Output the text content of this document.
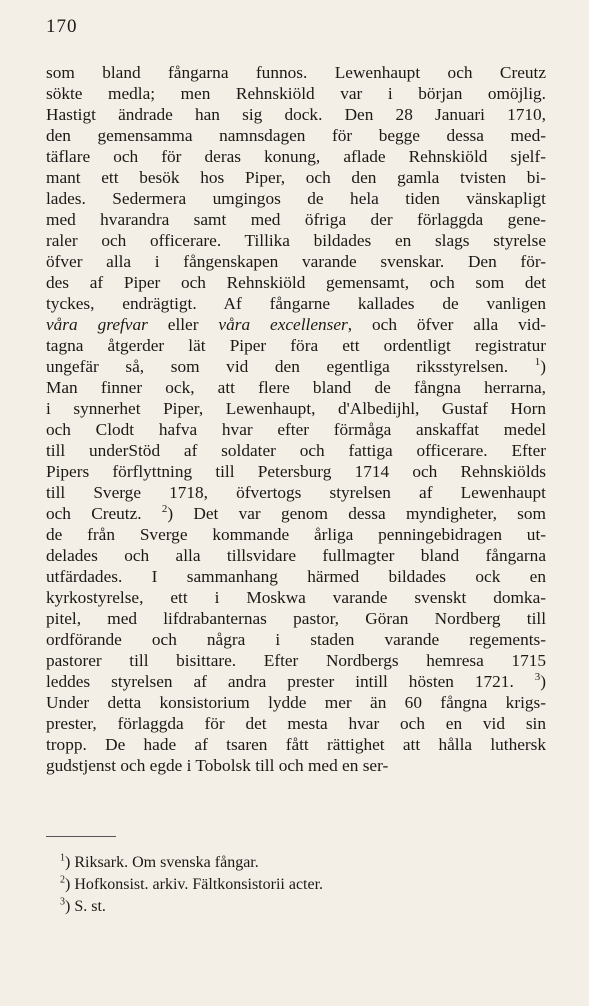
170
som bland fångarna funnos. Lewenhaupt och Creutz
sökte medla; men Rehnskiöld var i början omöjlig.
Hastigt ändrade han sig dock. Den 28 Januari 1710,
den gemensamma namnsdagen för begge dessa med-
täflare och för deras konung, aflade Rehnskiöld sjelf-
mant ett besök hos Piper, och den gamla tvisten bi-
lades. Sedermera umgingos de hela tiden vänskapligt
med hvarandra samt med öfriga der förlaggda gene-
raler och officerare. Tillika bildades en slags styrelse
öfver alla i fångenskapen varande svenskar. Den för-
des af Piper och Rehnskiöld gemensamt, och som det
tyckes, endrägtigt. Af fångarne kallades de vanligen
våra grefvar eller våra excellenser, och öfver alla vid-
tagna åtgerder lät Piper föra ett ordentligt registratur
ungefär så, som vid den egentliga riksstyrelsen. $^1$)
Man finner ock, att flere bland de fångna herrarna,
i synnerhet Piper, Lewenhaupt, d'Albedijhl, Gustaf Horn
och Clodt hafva hvar efter förmåga anskaffat medel
till underStöd af soldater och fattiga officerare. Efter
Pipers förflyttning till Petersburg 1714 och Rehnskiölds
till Sverge 1718, öfvertogs styrelsen af Lewenhaupt
och Creutz. $^2$) Det var genom dessa myndigheter, som
de från Sverge kommande årliga penningebidragen ut-
delades och alla tillsvidare fullmagter bland fångarna
utfärdades. I sammanhang härmed bildades ock en
kyrkostyrelse, ett i Moskwa varande svenskt domka-
pitel, med lifdrabanternas pastor, Göran Nordberg till
ordförande och några i staden varande regements-
pastorer till bisittare. Efter Nordbergs hemresa 1715
leddes styrelsen af andra prester intill hösten 1721. $^3$)
Under detta konsistorium lydde mer än 60 fångna krigs-
prester, förlaggda för det mesta hvar och en vid sin
tropp. De hade af tsaren fått rättighet att hålla luthersk
gudstjenst och egde i Tobolsk till och med en ser-
$^1$) Riksark. Om svenska fångar.
$^2$) Hofkonsist. arkiv. Fältkonsistorii acter.
$^3$) S. st.
